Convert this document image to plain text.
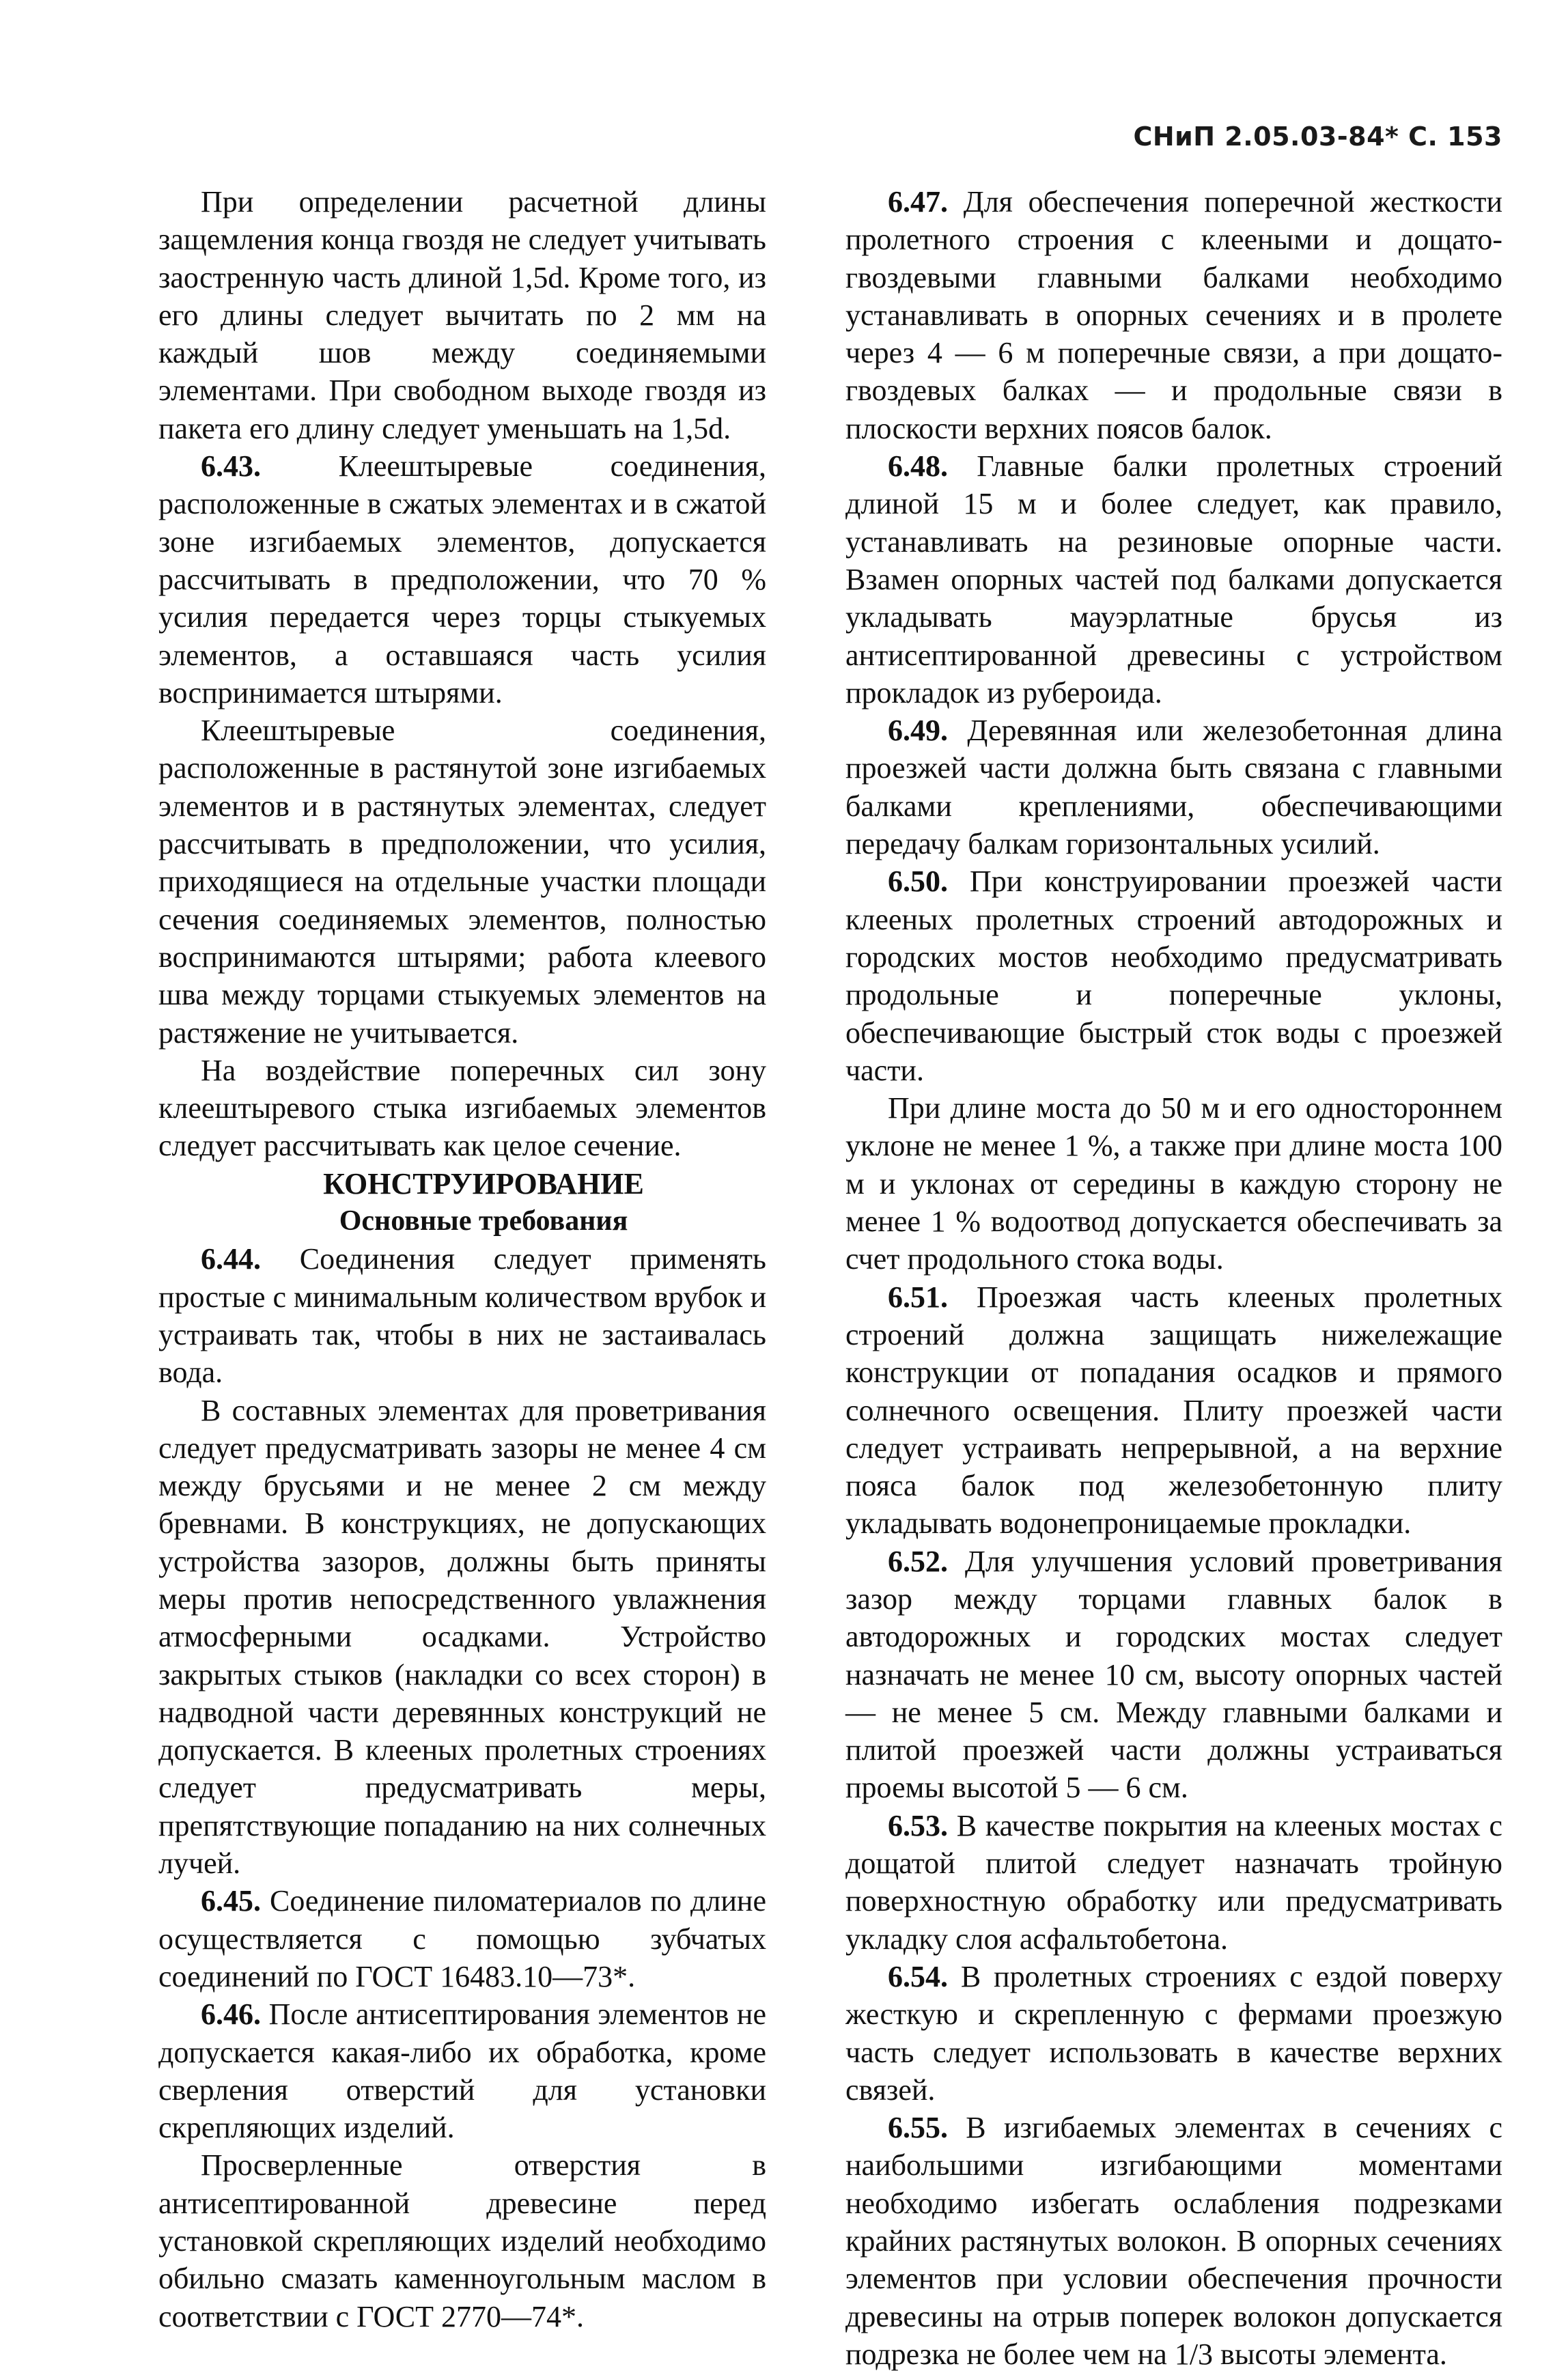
СНиП 2.05.03-84* С. 153

При определении расчетной длины защемления конца гвоздя не следует учитывать заостренную часть длиной 1,5d. Кроме того, из его длины следует вычитать по 2 мм на каждый шов между соединяемыми элементами. При свободном выходе гвоздя из пакета его длину следует уменьшать на 1,5d.

6.43. Клеештыревые соединения, расположенные в сжатых элементах и в сжатой зоне изгибаемых элементов, допускается рассчитывать в предположении, что 70 % усилия передается через торцы стыкуемых элементов, а оставшаяся часть усилия воспринимается штырями.

Клеештыревые соединения, расположенные в растянутой зоне изгибаемых элементов и в растянутых элементах, следует рассчитывать в предположении, что усилия, приходящиеся на отдельные участки площади сечения соединяемых элементов, полностью воспринимаются штырями; работа клеевого шва между торцами стыкуемых элементов на растяжение не учитывается.

На воздействие поперечных сил зону клеештыревого стыка изгибаемых элементов следует рассчитывать как целое сечение.

КОНСТРУИРОВАНИЕ

Основные требования

6.44. Соединения следует применять простые с минимальным количеством врубок и устраивать так, чтобы в них не застаивалась вода.

В составных элементах для проветривания следует предусматривать зазоры не менее 4 см между брусьями и не менее 2 см между бревнами. В конструкциях, не допускающих устройства зазоров, должны быть приняты меры против непосредственного увлажнения атмосферными осадками. Устройство закрытых стыков (накладки со всех сторон) в надводной части деревянных конструкций не допускается. В клееных пролетных строениях следует предусматривать меры, препятствующие попаданию на них солнечных лучей.

6.45. Соединение пиломатериалов по длине осуществляется с помощью зубчатых соединений по ГОСТ 16483.10—73*.

6.46. После антисептирования элементов не допускается какая-либо их обработка, кроме сверления отверстий для установки скрепляющих изделий.

Просверленные отверстия в антисептированной древесине перед установкой скрепляющих изделий необходимо обильно смазать каменноугольным маслом в соответствии с ГОСТ 2770—74*.

6.47. Для обеспечения поперечной жесткости пролетного строения с клееными и дощато-гвоздевыми главными балками необходимо устанавливать в опорных сечениях и в пролете через 4 — 6 м поперечные связи, а при дощато-гвоздевых балках — и продольные связи в плоскости верхних поясов балок.

6.48. Главные балки пролетных строений длиной 15 м и более следует, как правило, устанавливать на резиновые опорные части. Взамен опорных частей под балками допускается укладывать мауэрлатные брусья из антисептированной древесины с устройством прокладок из рубероида.

6.49. Деревянная или железобетонная длина проезжей части должна быть связана с главными балками креплениями, обеспечивающими передачу балкам горизонтальных усилий.

6.50. При конструировании проезжей части клееных пролетных строений автодорожных и городских мостов необходимо предусматривать продольные и поперечные уклоны, обеспечивающие быстрый сток воды с проезжей части.

При длине моста до 50 м и его одностороннем уклоне не менее 1 %, а также при длине моста 100 м и уклонах от середины в каждую сторону не менее 1 % водоотвод допускается обеспечивать за счет продольного стока воды.

6.51. Проезжая часть клееных пролетных строений должна защищать нижележащие конструкции от попадания осадков и прямого солнечного освещения. Плиту проезжей части следует устраивать непрерывной, а на верхние пояса балок под железобетонную плиту укладывать водонепроницаемые прокладки.

6.52. Для улучшения условий проветривания зазор между торцами главных балок в автодорожных и городских мостах следует назначать не менее 10 см, высоту опорных частей — не менее 5 см. Между главными балками и плитой проезжей части должны устраиваться проемы высотой 5 — 6 см.

6.53. В качестве покрытия на клееных мостах с дощатой плитой следует назначать тройную поверхностную обработку или предусматривать укладку слоя асфальтобетона.

6.54. В пролетных строениях с ездой поверху жесткую и скрепленную с фермами проезжую часть следует использовать в качестве верхних связей.

6.55. В изгибаемых элементах в сечениях с наибольшими изгибающими моментами необходимо избегать ослабления подрезками крайних растянутых волокон. В опорных сечениях элементов при условии обеспечения прочности древесины на отрыв поперек волокон допускается подрезка не более чем на 1/3 высоты элемента.
